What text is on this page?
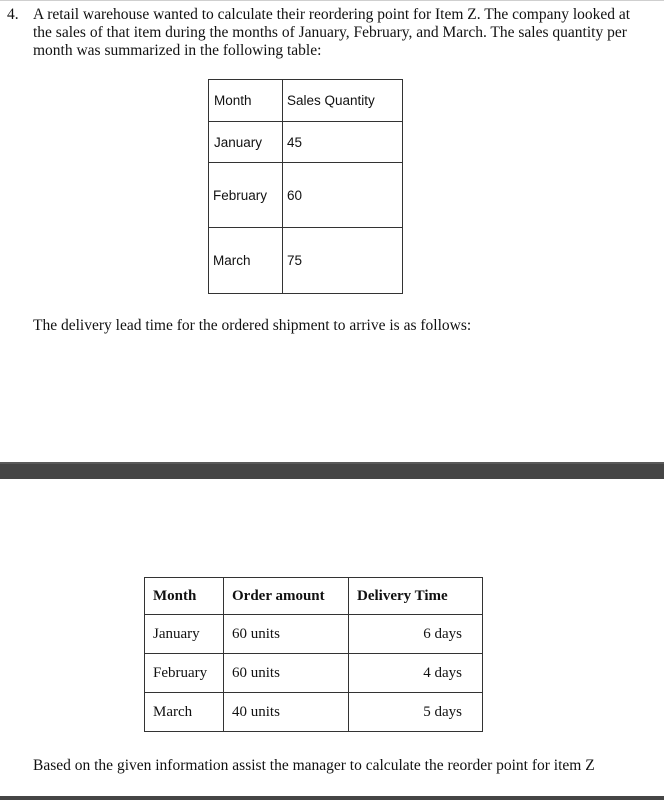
4. A retail warehouse wanted to calculate their reordering point for Item Z. The company looked at the sales of that item during the months of January, February, and March. The sales quantity per month was summarized in the following table:

Month	Sales Quantity
January	45
February	60
March	75

The delivery lead time for the ordered shipment to arrive is as follows:

Month	Order amount	Delivery Time
January	60 units	6 days
February	60 units	4 days
March	40 units	5 days

Based on the given information assist the manager to calculate the reorder point for item Z
